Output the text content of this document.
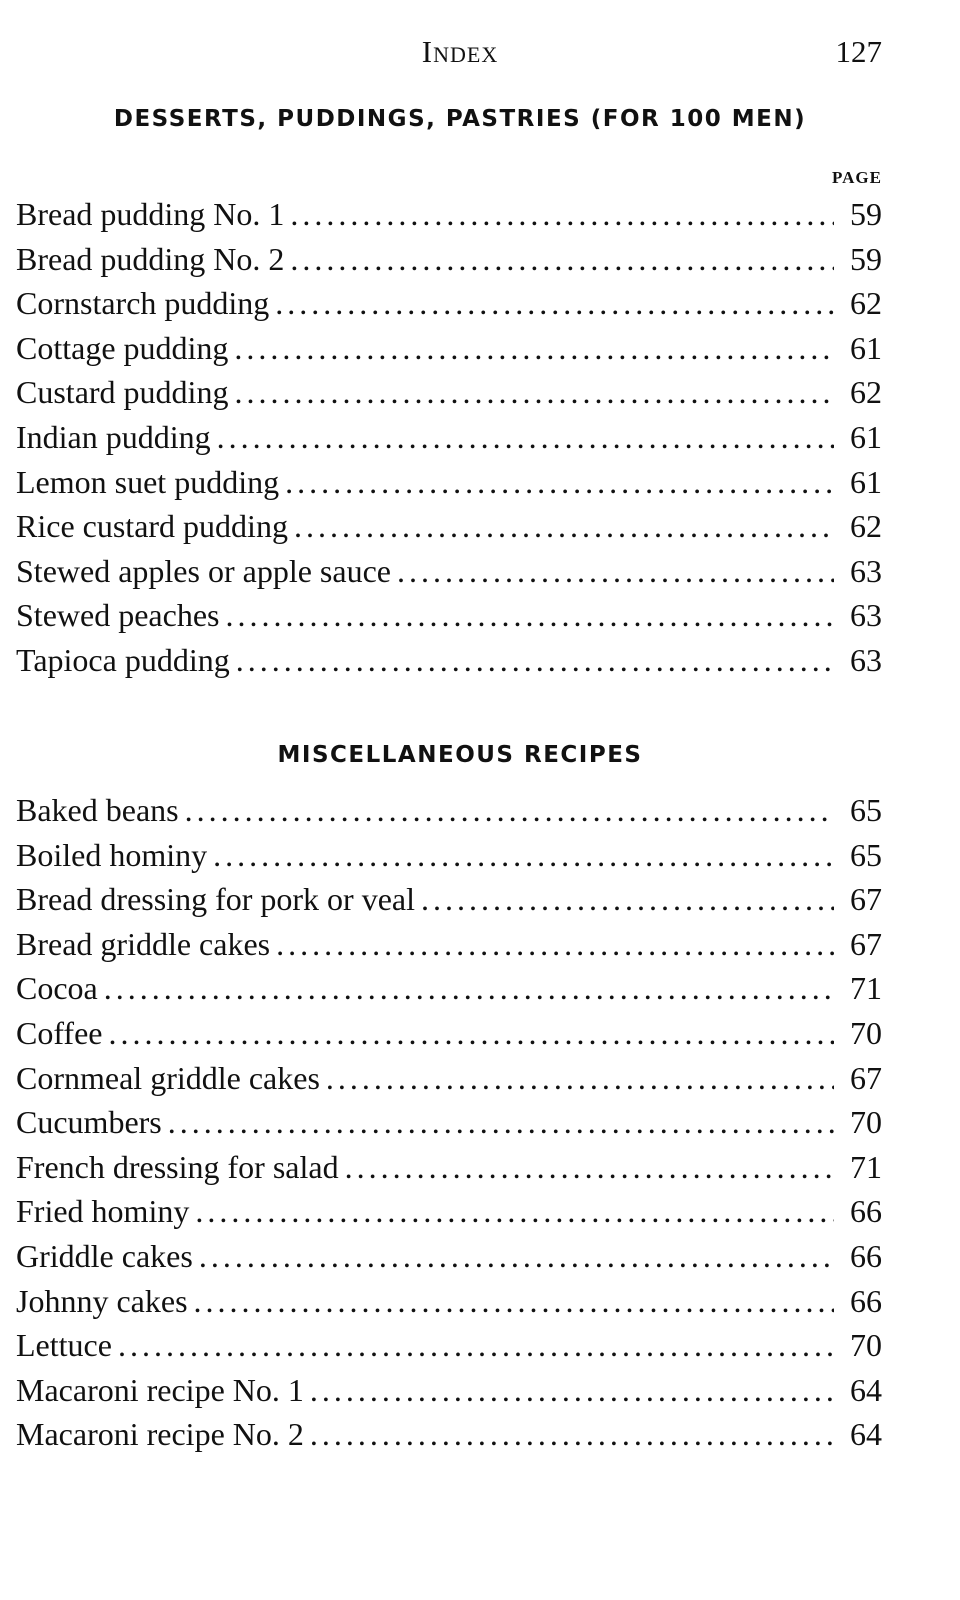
Index	127
DESSERTS, PUDDINGS, PASTRIES (FOR 100 MEN)
PAGE
Bread pudding No. 1 . . .	59
Bread pudding No. 2 . . .	59
Cornstarch pudding . . .	62
Cottage pudding . . .	61
Custard pudding . . .	62
Indian pudding . . .	61
Lemon suet pudding . . .	61
Rice custard pudding . . .	62
Stewed apples or apple sauce . . .	63
Stewed peaches . . .	63
Tapioca pudding . . .	63
MISCELLANEOUS RECIPES
Baked beans . . .	65
Boiled hominy . . .	65
Bread dressing for pork or veal . . .	67
Bread griddle cakes . . .	67
Cocoa . . .	71
Coffee . . .	70
Cornmeal griddle cakes . . .	67
Cucumbers . . .	70
French dressing for salad . . .	71
Fried hominy . . .	66
Griddle cakes . . .	66
Johnny cakes . . .	66
Lettuce . . .	70
Macaroni recipe No. 1 . . .	64
Macaroni recipe No. 2 . . .	64
